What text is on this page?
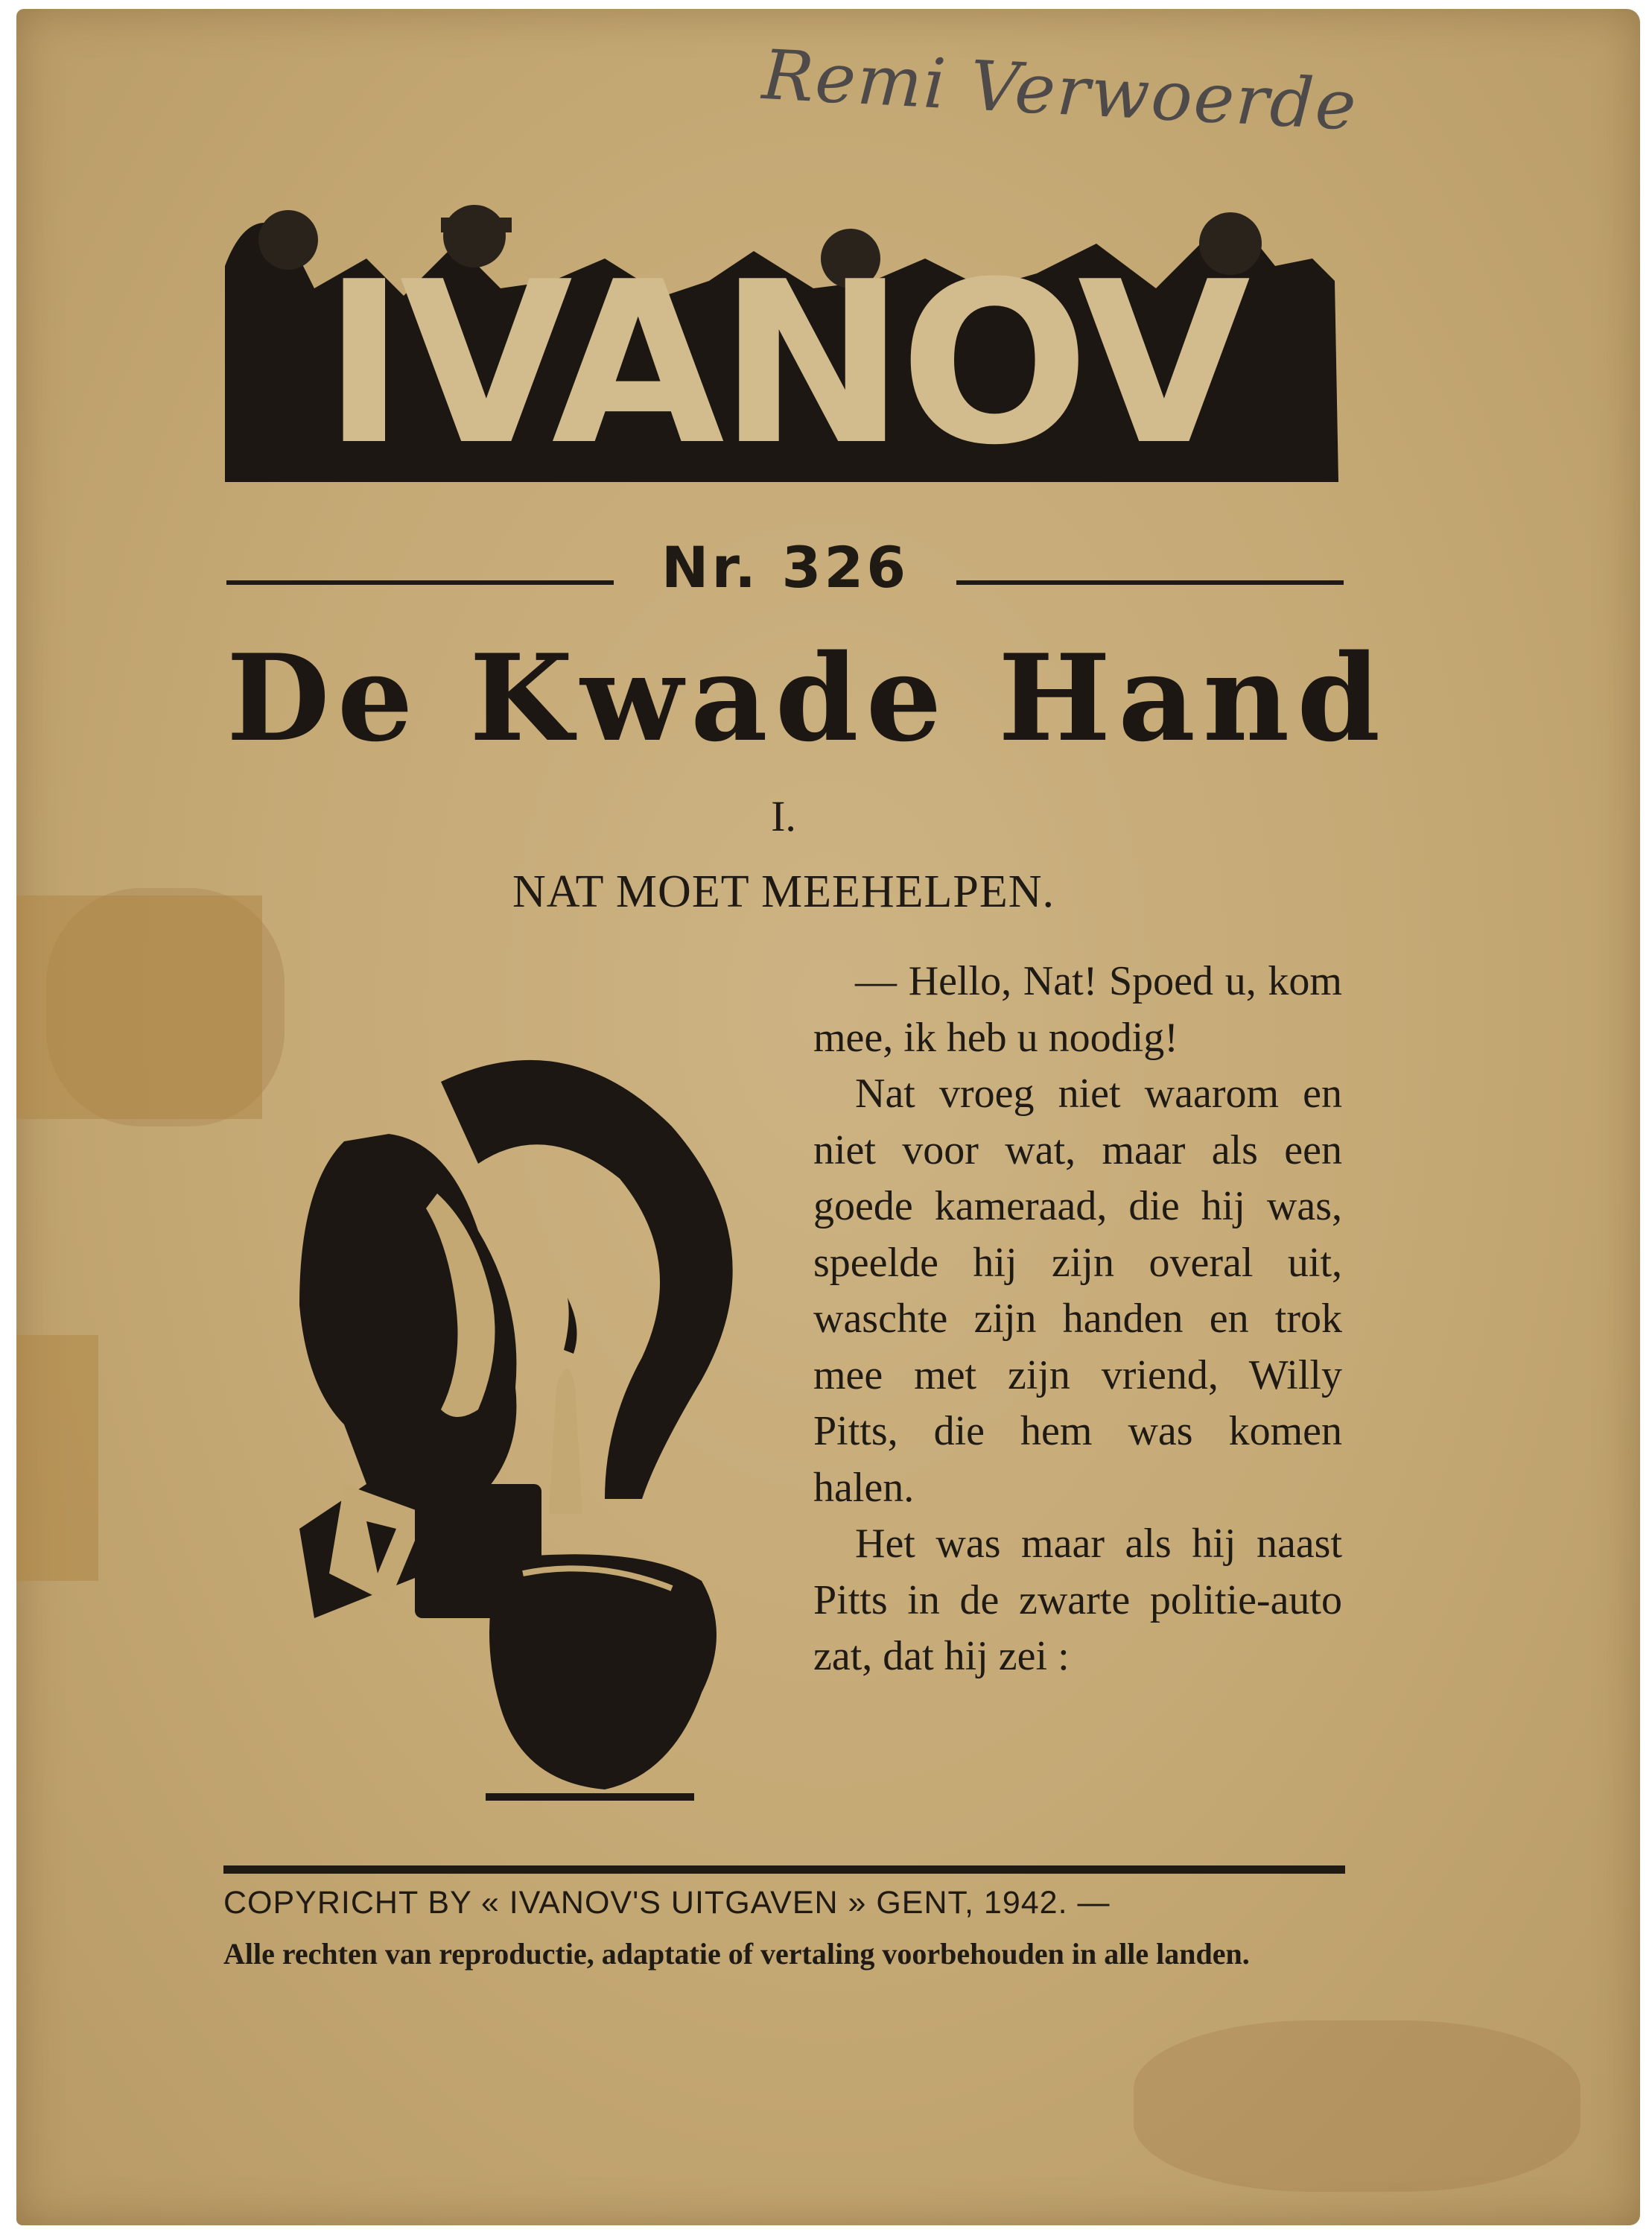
Remi Verwoerde
IVANOV
Nr. 326
De Kwade Hand
I.
NAT MOET MEEHELPEN.

— Hello, Nat! Spoed u, kom mee, ik heb u noodig!

Nat vroeg niet waarom en niet voor wat, maar als een goede kameraad, die hij was, speelde hij zijn overal uit, waschte zijn handen en trok mee met zijn vriend, Willy Pitts, die hem was komen halen.

Het was maar als hij naast Pitts in de zwarte politie-auto zat, dat hij zei :

COPYRICHT BY « IVANOV'S UITGAVEN » GENT, 1942. —
Alle rechten van reproductie, adaptatie of vertaling voorbehouden in alle landen.
